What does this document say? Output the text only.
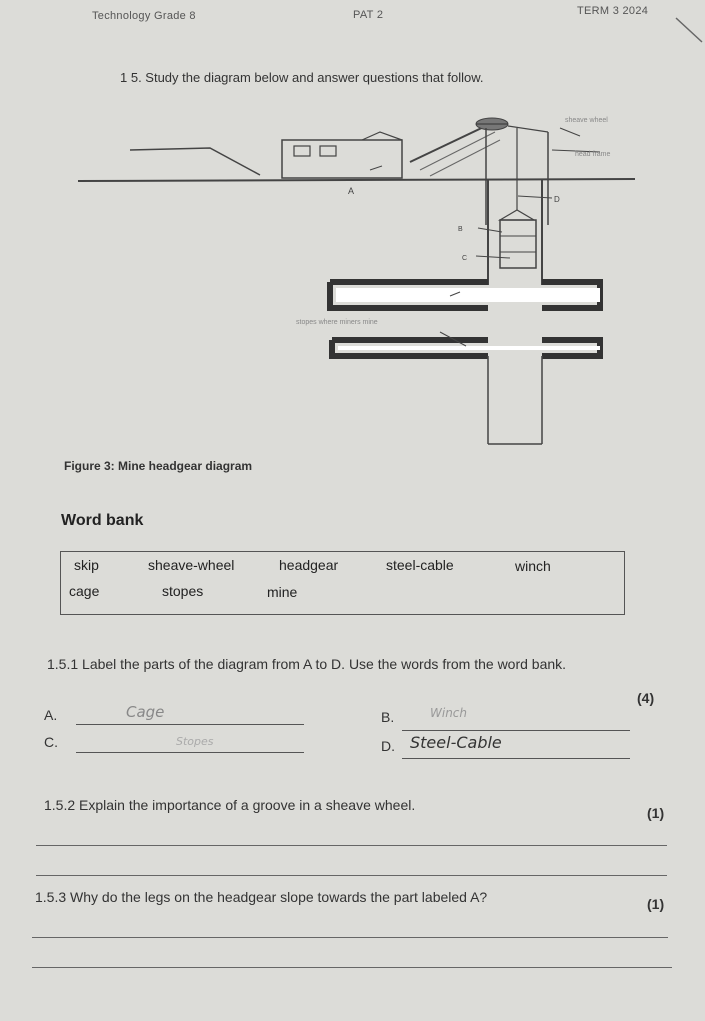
Technology Grade 8	PAT 2	TERM 3 2024
1 5. Study the diagram below and answer questions that follow.
sheave wheel
head frame
A
D
B
C
stopes where miners mine
Figure 3: Mine headgear diagram
Word bank
skip	sheave-wheel	headgear	steel-cable	winch
cage	stopes	mine
1.5.1 Label the parts of the diagram from A to D. Use the words from the word bank.
(4)
A.	Cage	B.	Winch
C.	Stopes	D. Steel-Cable
1.5.2 Explain the importance of a groove in a sheave wheel.	(1)
1.5.3 Why do the legs on the headgear slope towards the part labeled A?	(1)
